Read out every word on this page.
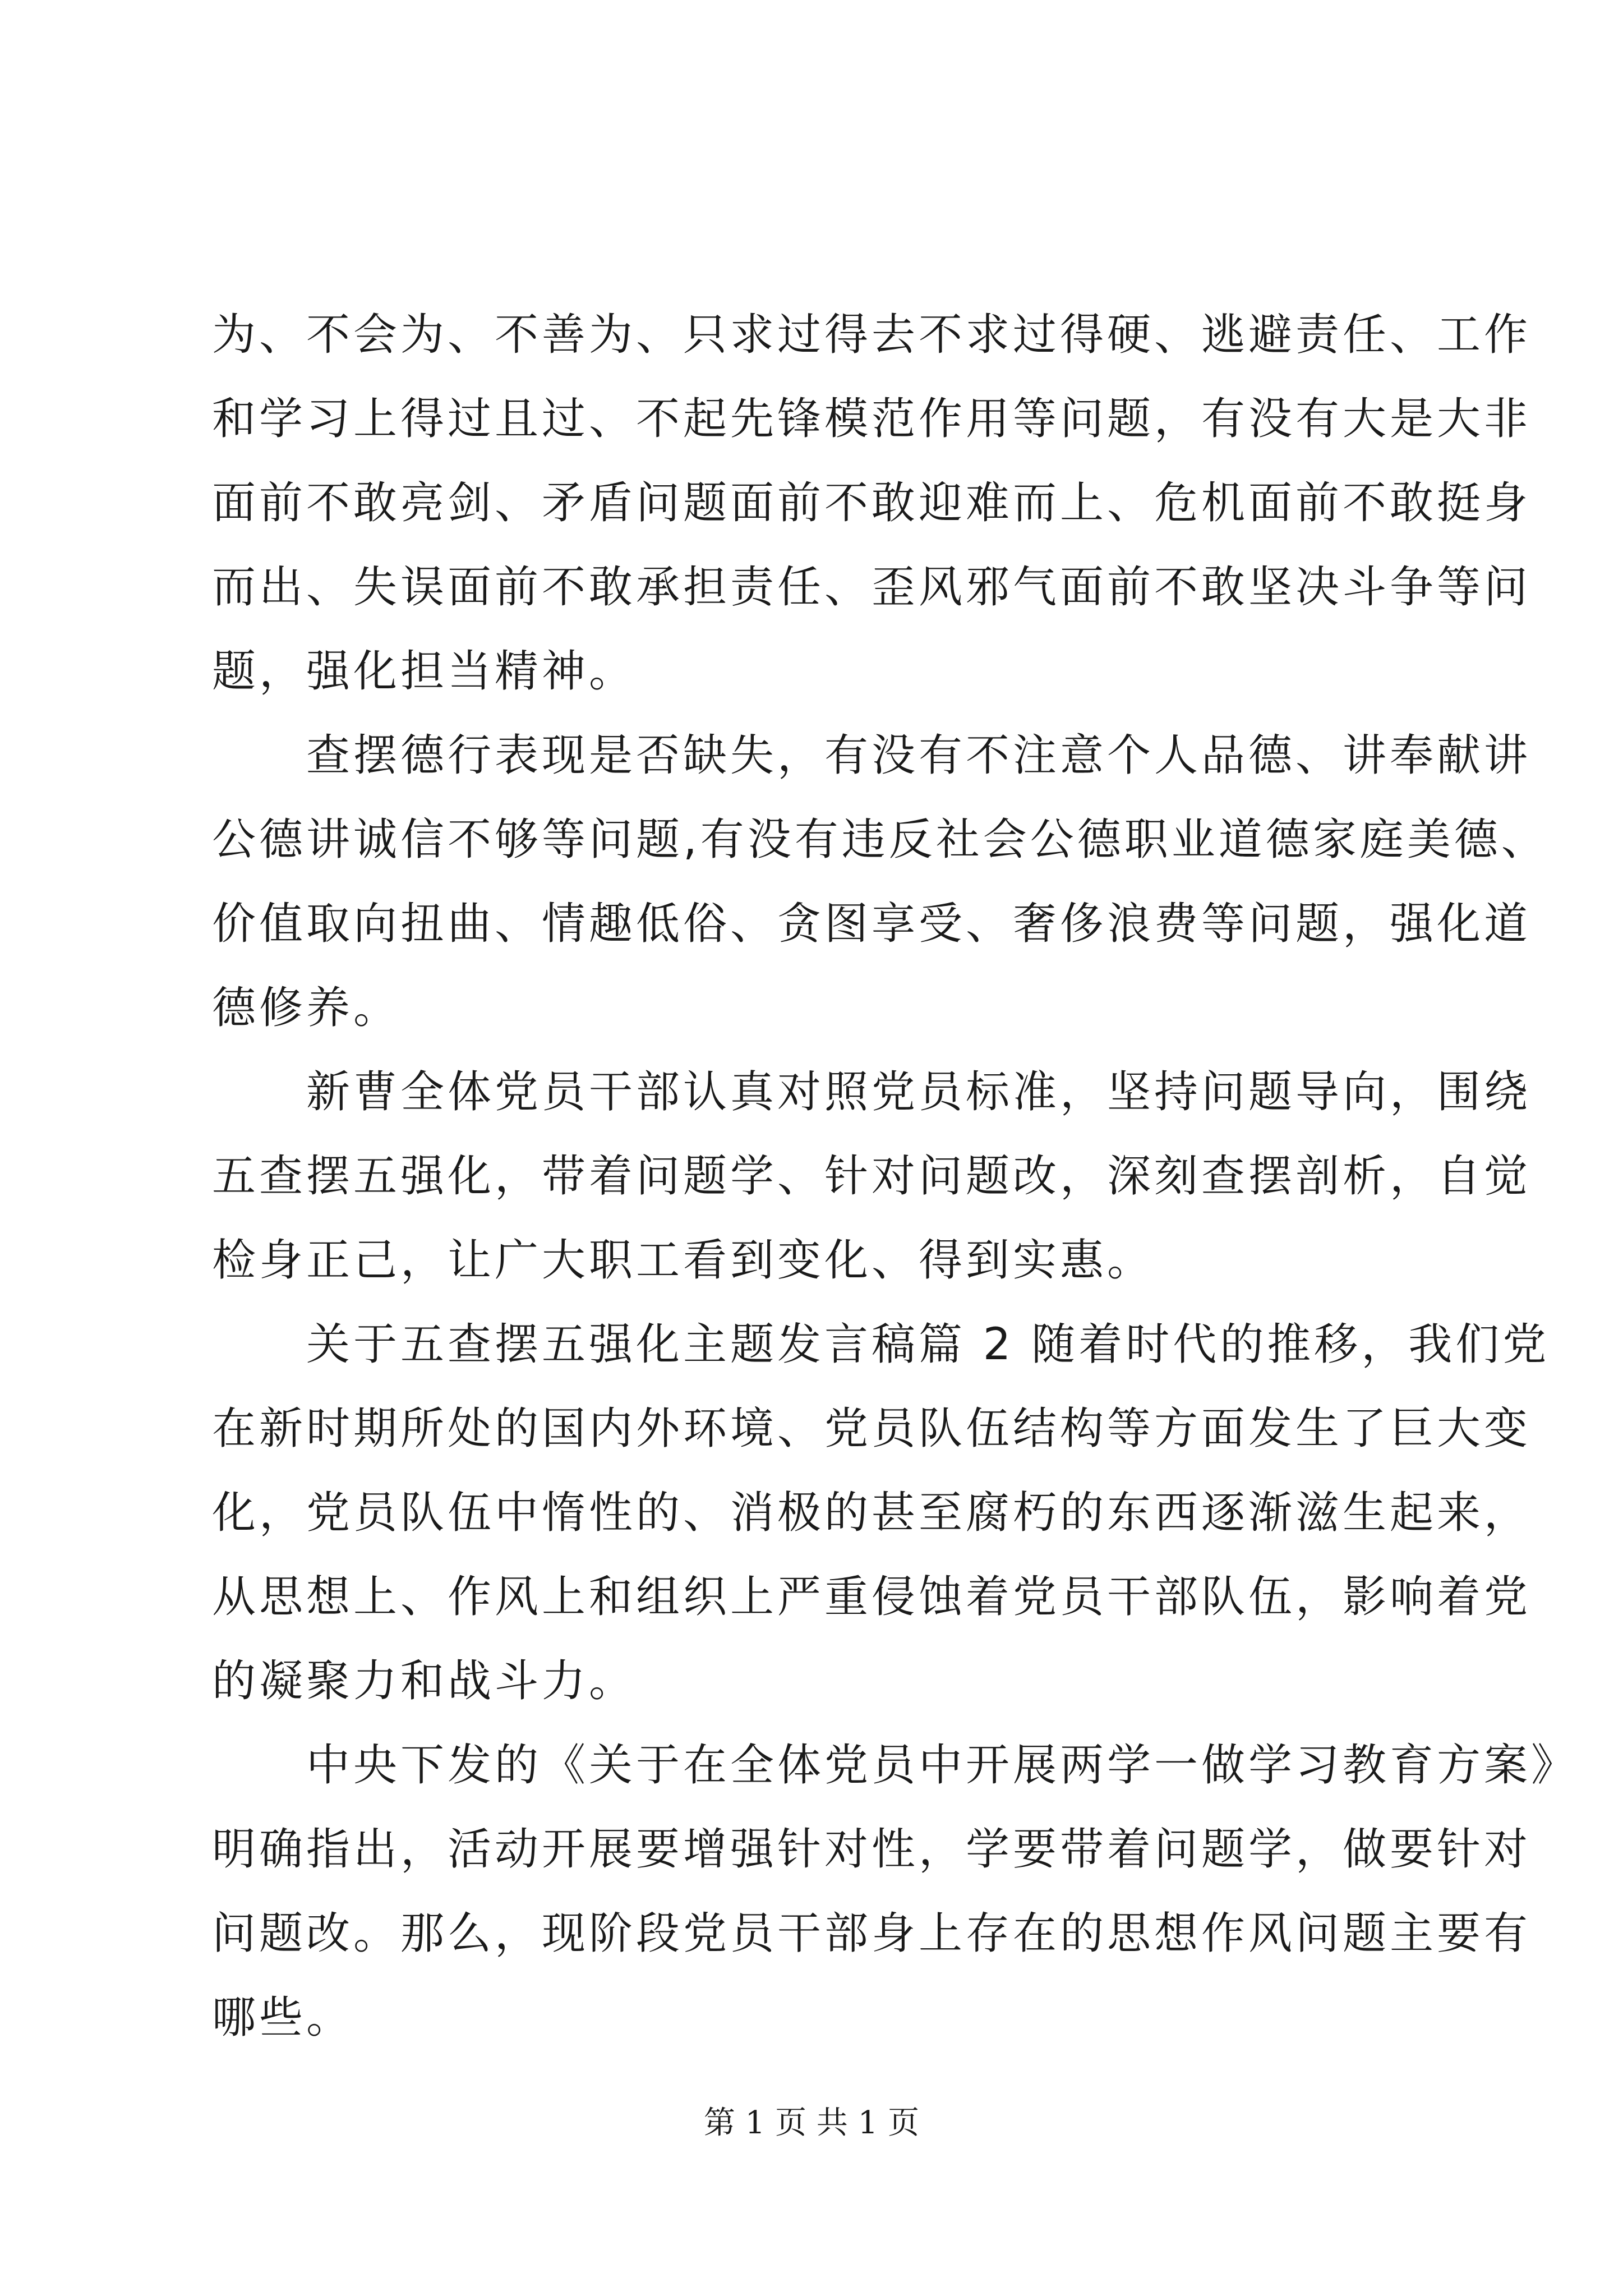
为、不会为、不善为、只求过得去不求过得硬、逃避责任、工作
和学习上得过且过、不起先锋模范作用等问题，有没有大是大非
面前不敢亮剑、矛盾问题面前不敢迎难而上、危机面前不敢挺身
而出、失误面前不敢承担责任、歪风邪气面前不敢坚决斗争等问
题，强化担当精神。
　　查摆德行表现是否缺失，有没有不注意个人品德、讲奉献讲
公德讲诚信不够等问题,有没有违反社会公德职业道德家庭美德、
价值取向扭曲、情趣低俗、贪图享受、奢侈浪费等问题，强化道
德修养。
　　新曹全体党员干部认真对照党员标准，坚持问题导向，围绕
五查摆五强化，带着问题学、针对问题改，深刻查摆剖析，自觉
检身正己，让广大职工看到变化、得到实惠。
　　关于五查摆五强化主题发言稿篇 2 随着时代的推移，我们党
在新时期所处的国内外环境、党员队伍结构等方面发生了巨大变
化，党员队伍中惰性的、消极的甚至腐朽的东西逐渐滋生起来，
从思想上、作风上和组织上严重侵蚀着党员干部队伍，影响着党
的凝聚力和战斗力。
　　中央下发的《关于在全体党员中开展两学一做学习教育方案》
明确指出，活动开展要增强针对性，学要带着问题学，做要针对
问题改。那么，现阶段党员干部身上存在的思想作风问题主要有
哪些。
第 1 页 共 1 页
